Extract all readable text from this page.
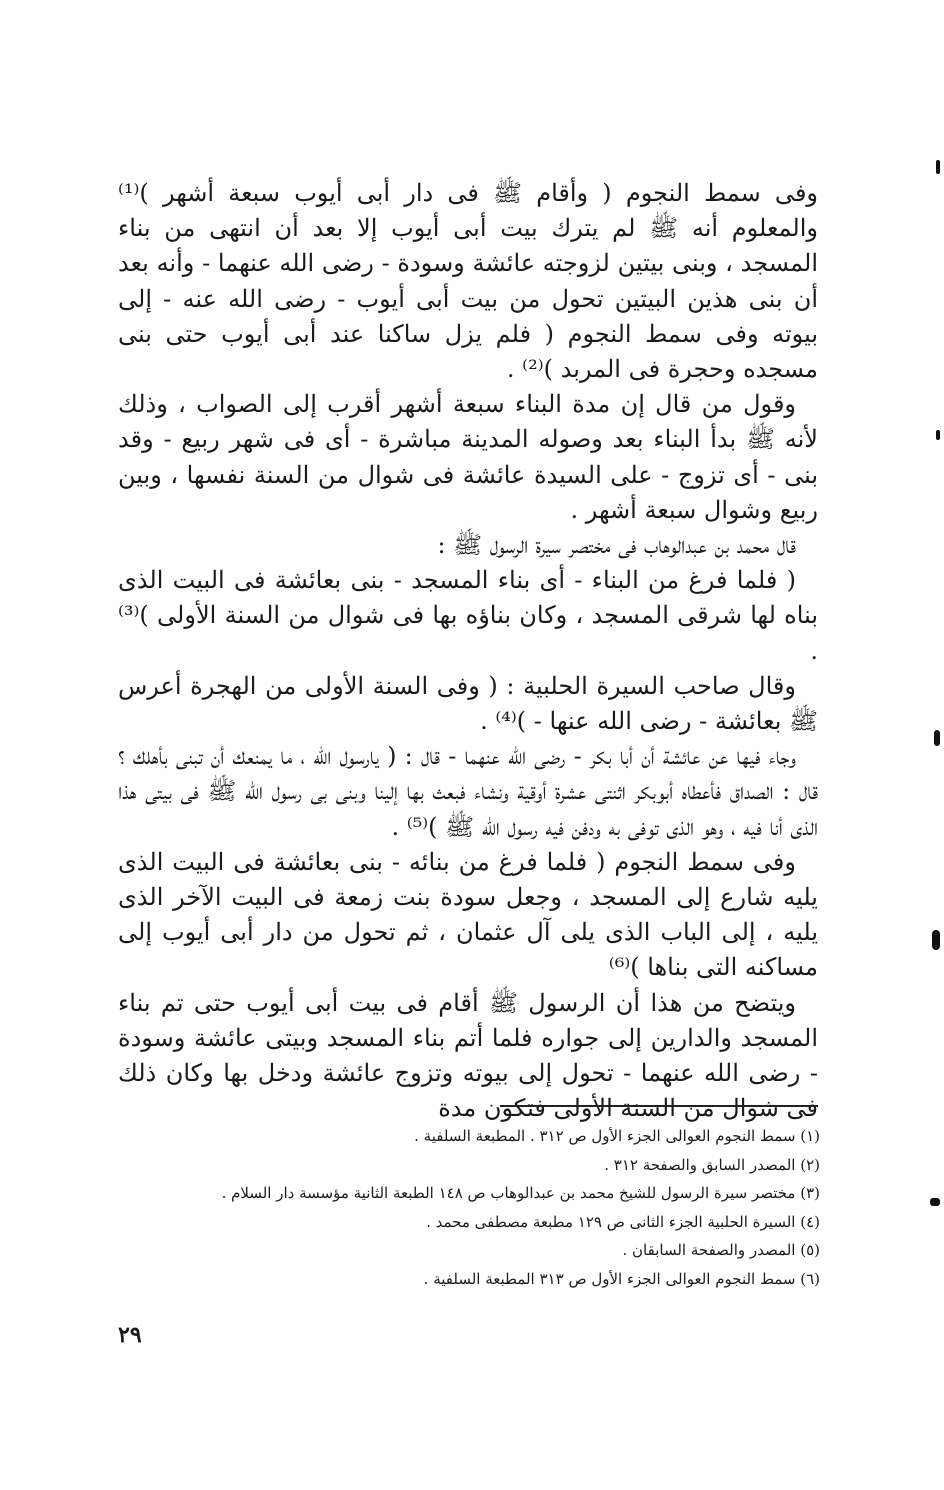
وفى سمط النجوم ( وأقام ﷺ فى دار أبى أيوب سبعة أشهر )⁽¹⁾ والمعلوم أنه ﷺ لم يترك بيت أبى أيوب إلا بعد أن انتهى من بناء المسجد ، وبنى بيتين لزوجته عائشة وسودة - رضى الله عنهما - وأنه بعد أن بنى هذين البيتين تحول من بيت أبى أيوب - رضى الله عنه - إلى بيوته وفى سمط النجوم ( فلم يزل ساكنا عند أبى أيوب حتى بنى مسجده وحجرة فى المربد )⁽²⁾ .

وقول من قال إن مدة البناء سبعة أشهر أقرب إلى الصواب ، وذلك لأنه ﷺ بدأ البناء بعد وصوله المدينة مباشرة - أى فى شهر ربيع - وقد بنى - أى تزوج - على السيدة عائشة فى شوال من السنة نفسها ، وبين ربيع وشوال سبعة أشهر .

قال محمد بن عبدالوهاب فى مختصر سيرة الرسول ﷺ :

( فلما فرغ من البناء - أى بناء المسجد - بنى بعائشة فى البيت الذى بناه لها شرقى المسجد ، وكان بناؤه بها فى شوال من السنة الأولى )⁽³⁾ .

وقال صاحب السيرة الحلبية : ( وفى السنة الأولى من الهجرة أعرس ﷺ بعائشة - رضى الله عنها - )⁽⁴⁾ .

وجاء فيها عن عائشة أن أبا بكر - رضى الله عنهما - قال : ( يارسول الله ، ما يمنعك أن تبنى بأهلك ؟ قال : الصداق فأعطاه أبوبكر اثنتى عشرة أوقية ونشاء فبعث بها إلينا وبنى بى رسول الله ﷺ فى بيتى هذا الذى أنا فيه ، وهو الذى توفى به ودفن فيه رسول الله ﷺ )⁽⁵⁾ .

وفى سمط النجوم ( فلما فرغ من بنائه - بنى بعائشة فى البيت الذى يليه شارع إلى المسجد ، وجعل سودة بنت زمعة فى البيت الآخر الذى يليه ، إلى الباب الذى يلى آل عثمان ، ثم تحول من دار أبى أيوب إلى مساكنه التى بناها )⁽⁶⁾

ويتضح من هذا أن الرسول ﷺ أقام فى بيت أبى أيوب حتى تم بناء المسجد والدارين إلى جواره فلما أتم بناء المسجد وبيتى عائشة وسودة - رضى الله عنهما - تحول إلى بيوته وتزوج عائشة ودخل بها وكان ذلك فى شوال من السنة الأولى فتكون مدة

(١) سمط النجوم العوالى الجزء الأول ص ٣١٢ . المطبعة السلفية .
(٢) المصدر السابق والصفحة ٣١٢ .
(٣) مختصر سيرة الرسول للشيخ محمد بن عبدالوهاب ص ١٤٨ الطبعة الثانية مؤسسة دار السلام .
(٤) السيرة الحلبية الجزء الثانى ص ١٢٩ مطبعة مصطفى محمد .
(٥) المصدر والصفحة السابقان .
(٦) سمط النجوم العوالى الجزء الأول ص ٣١٣ المطبعة السلفية .
٢٩
